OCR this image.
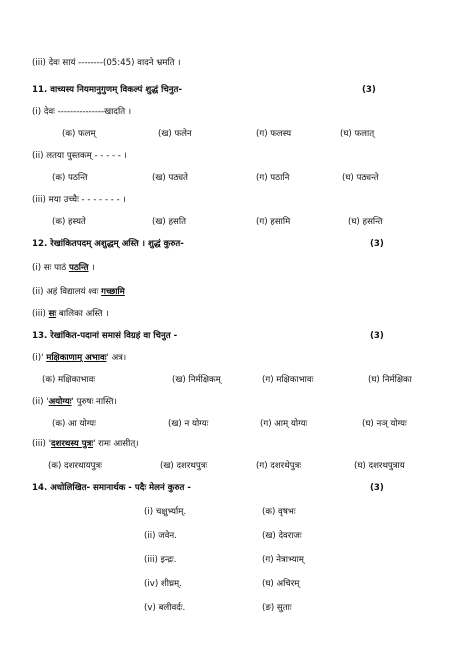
(iii) देवः सायं --------(05:45) वादने भ्रमति ।
11. वाच्यस्य नियमानुगुणम् विकल्पं शुद्धं चिनुत-	(3)
(i) देवः ---------------खादति ।
(क) फलम्	(ख) फलेन	(ग) फलस्य	(घ) फलात्
(ii) लतया पुस्तकम् - - - - - ।
(क) पठन्ति	(ख) पठ्यते	(ग) पठानि	(घ) पठ्यन्ते
(iii) मया उच्चैः - - - - - - - ।
(क) हस्यते	(ख) हसति	(ग) हसामि	(घ) हसन्ति
12. रेखांकितपदम् अशुद्धम् अस्ति । शुद्धं कुरुत-	(3)
(i) सः पाठं पठन्ति ।
(ii) अहं विद्यालयं श्वः गच्छामि
(iii) सः बालिका अस्ति ।
13. रेखांकित-पदानां समासं विग्रहं वा चिनुत -	(3)
(i)' मक्षिकाणाम् अभावः' अत्र।
(क) मक्षिकाभावः	(ख) निर्मक्षिकम्	(ग) मक्षिकाभावः	(घ) निर्मक्षिका
(ii) 'अयोग्यः' पुरुषः नास्ति।
(क) आ योग्यः	(ख) न योग्यः	(ग) आम् योग्यः	(घ) नञ् योग्यः
(iii) 'दशरथस्य पुत्रः' रामः आसीत्।
(क) दशरथायपुत्रः	(ख) दशरथपुत्रः	(ग) दशरथेपुत्रः	(घ) दशरथपुत्राय
14. अधोलिखित- समानार्थक - पदैः मेलनं कुरुत -	(3)
(i) चक्षुर्भ्याम्.	(क) वृषभः
(ii) जवेन.	(ख) देवराजः
(iii) इन्द्रः.	(ग) नेत्राभ्याम्
(iv) शीघ्रम्.	(घ) अचिरम्
(v) बलीवर्दः.	(ङ) सुताः
